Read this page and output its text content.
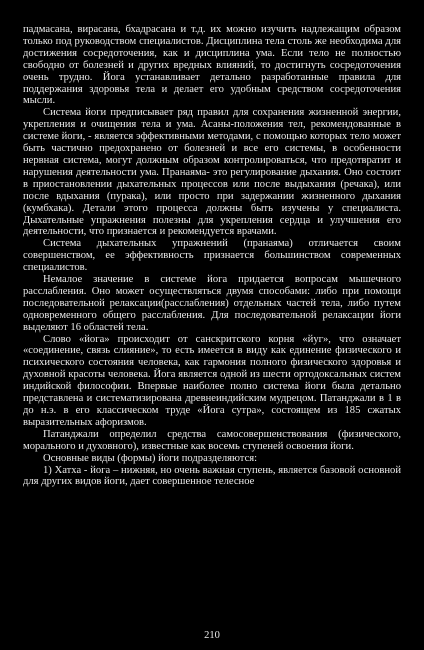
падмасана, вирасана, бхадрасана и т.д. их можно изучить надлежащим образом только под руководством специалистов. Дисциплина тела столь же необходима для достижения сосредоточения, как и дисциплина ума. Если тело не полностью свободно от болезней и других вредных влияний, то достигнуть сосредоточения очень трудно. Йога устанавливает детально разработанные правила для поддержания здоровья тела и делает его удобным средством сосредоточения мысли.

Система йоги предписывает ряд правил для сохранения жизненной энергии, укрепления и очищения тела и ума. Асаны-положения тел, рекомендованные в системе йоги, - является эффективными методами, с помощью которых тело может быть частично предохранено от болезней и все его системы, в особенности нервная система, могут должным образом контролироваться, что предотвратит и нарушения деятельности ума. Пранаяма- это регулирование дыхания. Оно состоит в приостановлении дыхательных процессов или после выдыхания (речака), или после вдыхания (пурака), или просто при задержании жизненного дыхания (кумбхака). Детали этого процесса должны быть изучены у специалиста. Дыхательные упражнения полезны для укрепления сердца и улучшения его деятельности, что признается и рекомендуется врачами.

Система дыхательных упражнений (пранаяма) отличается своим совершенством, ее эффективность признается большинством современных специалистов.

Немалое значение в системе йога придается вопросам мышечного расслабления. Оно может осуществляться двумя способами: либо при помощи последовательной релаксации(расслабления) отдельных частей тела, либо путем одновременного общего расслабления. Для последовательной релаксации йоги выделяют 16 областей тела.

Слово «йога» происходит от санскритского корня «йуг», что означает «соединение, связь слияние», то есть имеется в виду как единение физического и психического состояния человека, как гармония полного физического здоровья и духовной красоты человека. Йога является одной из шести ортодоксальных систем индийской философии. Впервые наиболее полно система йоги была детально представлена и систематизирована древнеиндийским мудрецом. Патанджали в 1 в до н.э. в его классическом труде «Йога сутра», состоящем из 185 сжатых выразительных афоризмов.

Патанджали определил средства самосовершенствования (физического, морального и духовного), известные как восемь ступеней освоения йоги.

Основные виды (формы) йоги подразделяются:

1) Хатха - йога – нижняя, но очень важная ступень, является базовой основной для других видов йоги, дает совершенное телесное

210
